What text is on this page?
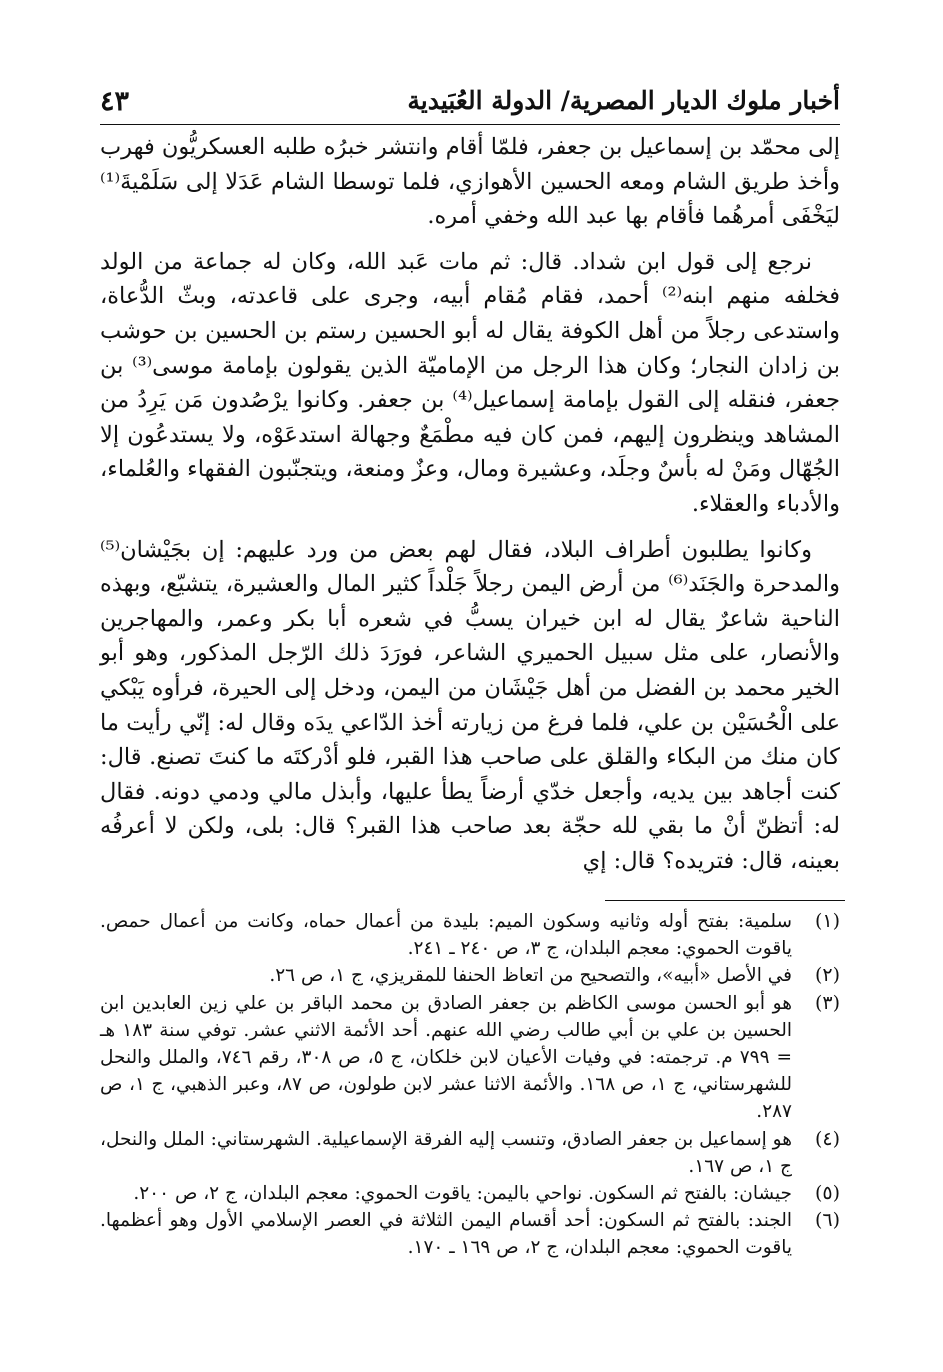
أخبار ملوك الديار المصرية/ الدولة العُبَيدية
٤٣

إلى محمّد بن إسماعيل بن جعفر، فلمّا أقام وانتشر خبرُه طلبه العسكريُّون فهرب وأخذ طريق الشام ومعه الحسين الأهوازي، فلما توسطا الشام عَدَلا إلى سَلَمْيةَ⁽¹⁾ ليَخْفَى أمرهُما فأقام بها عبد الله وخفي أمره.

نرجع إلى قول ابن شداد. قال: ثم مات عَبد الله، وكان له جماعة من الولد فخلفه منهم ابنه⁽²⁾ أحمد، فقام مُقام أبيه، وجرى على قاعدته، وبثّ الدُّعاة، واستدعى رجلاً من أهل الكوفة يقال له أبو الحسين رستم بن الحسين بن حوشب بن زادان النجار؛ وكان هذا الرجل من الإماميّة الذين يقولون بإمامة موسى⁽³⁾ بن جعفر، فنقله إلى القول بإمامة إسماعيل⁽⁴⁾ بن جعفر. وكانوا يرْصُدون مَن يَرِدُ من المشاهد وينظرون إليهم، فمن كان فيه مطْمَعٌ وجهالة استدعَوْه، ولا يستدعُون إلا الجُهّال ومَنْ له بأسٌ وجلَد، وعشيرة ومال، وعزٌ ومنعة، ويتجنّبون الفقهاء والعُلماء، والأدباء والعقلاء.

وكانوا يطلبون أطراف البلاد، فقال لهم بعض من ورد عليهم: إن بجَيْشان⁽⁵⁾ والمدحرة والجَنَد⁽⁶⁾ من أرض اليمن رجلاً جَلْداً كثير المال والعشيرة، يتشيّع، وبهذه الناحية شاعرٌ يقال له ابن خيران يسبُّ في شعره أبا بكر وعمر، والمهاجرين والأنصار، على مثل سبيل الحميري الشاعر، فورَدَ ذلك الرّجل المذكور، وهو أبو الخير محمد بن الفضل من أهل جَيْشَان من اليمن، ودخل إلى الحيرة، فرأوه يَبْكي على الْحُسَيْن بن علي، فلما فرغ من زيارته أخذ الدّاعي يدَه وقال له: إنّي رأيت ما كان منك من البكاء والقلق على صاحب هذا القبر، فلو أدْركتَه ما كنتَ تصنع. قال: كنت أجاهد بين يديه، وأجعل خدّي أرضاً يطأ عليها، وأبذل مالي ودمي دونه. فقال له: أتظنّ أنْ ما بقي لله حجّة بعد صاحب هذا القبر؟ قال: بلى، ولكن لا أعرفُه بعينه، قال: فتريده؟ قال: إي

(١)

سلمية: بفتح أوله وثانيه وسكون الميم: بليدة من أعمال حماه، وكانت من أعمال حمص. ياقوت الحموي: معجم البلدان، ج ٣، ص ٢٤٠ ـ ٢٤١.

(٢)

في الأصل «أبيه»، والتصحيح من اتعاظ الحنفا للمقريزي، ج ١، ص ٢٦.

(٣)

هو أبو الحسن موسى الكاظم بن جعفر الصادق بن محمد الباقر بن علي زين العابدين ابن الحسين بن علي بن أبي طالب رضي الله عنهم. أحد الأئمة الاثني عشر. توفي سنة ١٨٣ هـ = ٧٩٩ م. ترجمته: في وفيات الأعيان لابن خلكان، ج ٥، ص ٣٠٨، رقم ٧٤٦، والملل والنحل للشهرستاني، ج ١، ص ١٦٨. والأئمة الاثنا عشر لابن طولون، ص ٨٧، وعبر الذهبي، ج ١، ص ٢٨٧.

(٤)

هو إسماعيل بن جعفر الصادق، وتنسب إليه الفرقة الإسماعيلية. الشهرستاني: الملل والنحل، ج ١، ص ١٦٧.

(٥)

جيشان: بالفتح ثم السكون. نواحي باليمن: ياقوت الحموي: معجم البلدان، ج ٢، ص ٢٠٠.

(٦)

الجند: بالفتح ثم السكون: أحد أقسام اليمن الثلاثة في العصر الإسلامي الأول وهو أعظمها. ياقوت الحموي: معجم البلدان، ج ٢، ص ١٦٩ ـ ١٧٠.
